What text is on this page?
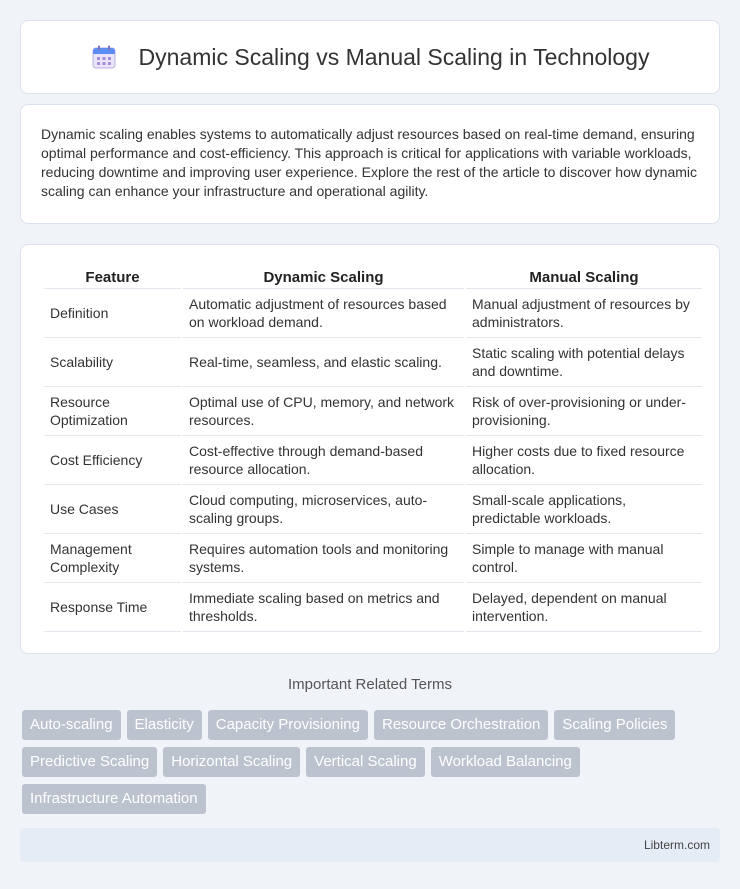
Dynamic Scaling vs Manual Scaling in Technology

Dynamic scaling enables systems to automatically adjust resources based on real-time demand, ensuring optimal performance and cost-efficiency. This approach is critical for applications with variable workloads, reducing downtime and improving user experience. Explore the rest of the article to discover how dynamic scaling can enhance your infrastructure and operational agility.

Feature	Dynamic Scaling	Manual Scaling
Definition	Automatic adjustment of resources based on workload demand.	Manual adjustment of resources by administrators.
Scalability	Real-time, seamless, and elastic scaling.	Static scaling with potential delays and downtime.
Resource Optimization	Optimal use of CPU, memory, and network resources.	Risk of over-provisioning or under-provisioning.
Cost Efficiency	Cost-effective through demand-based resource allocation.	Higher costs due to fixed resource allocation.
Use Cases	Cloud computing, microservices, auto-scaling groups.	Small-scale applications, predictable workloads.
Management Complexity	Requires automation tools and monitoring systems.	Simple to manage with manual control.
Response Time	Immediate scaling based on metrics and thresholds.	Delayed, dependent on manual intervention.
Important Related Terms
Auto-scaling	Elasticity	Capacity Provisioning	Resource Orchestration	Scaling Policies
Predictive Scaling	Horizontal Scaling	Vertical Scaling	Workload Balancing
Infrastructure Automation
Libterm.com
